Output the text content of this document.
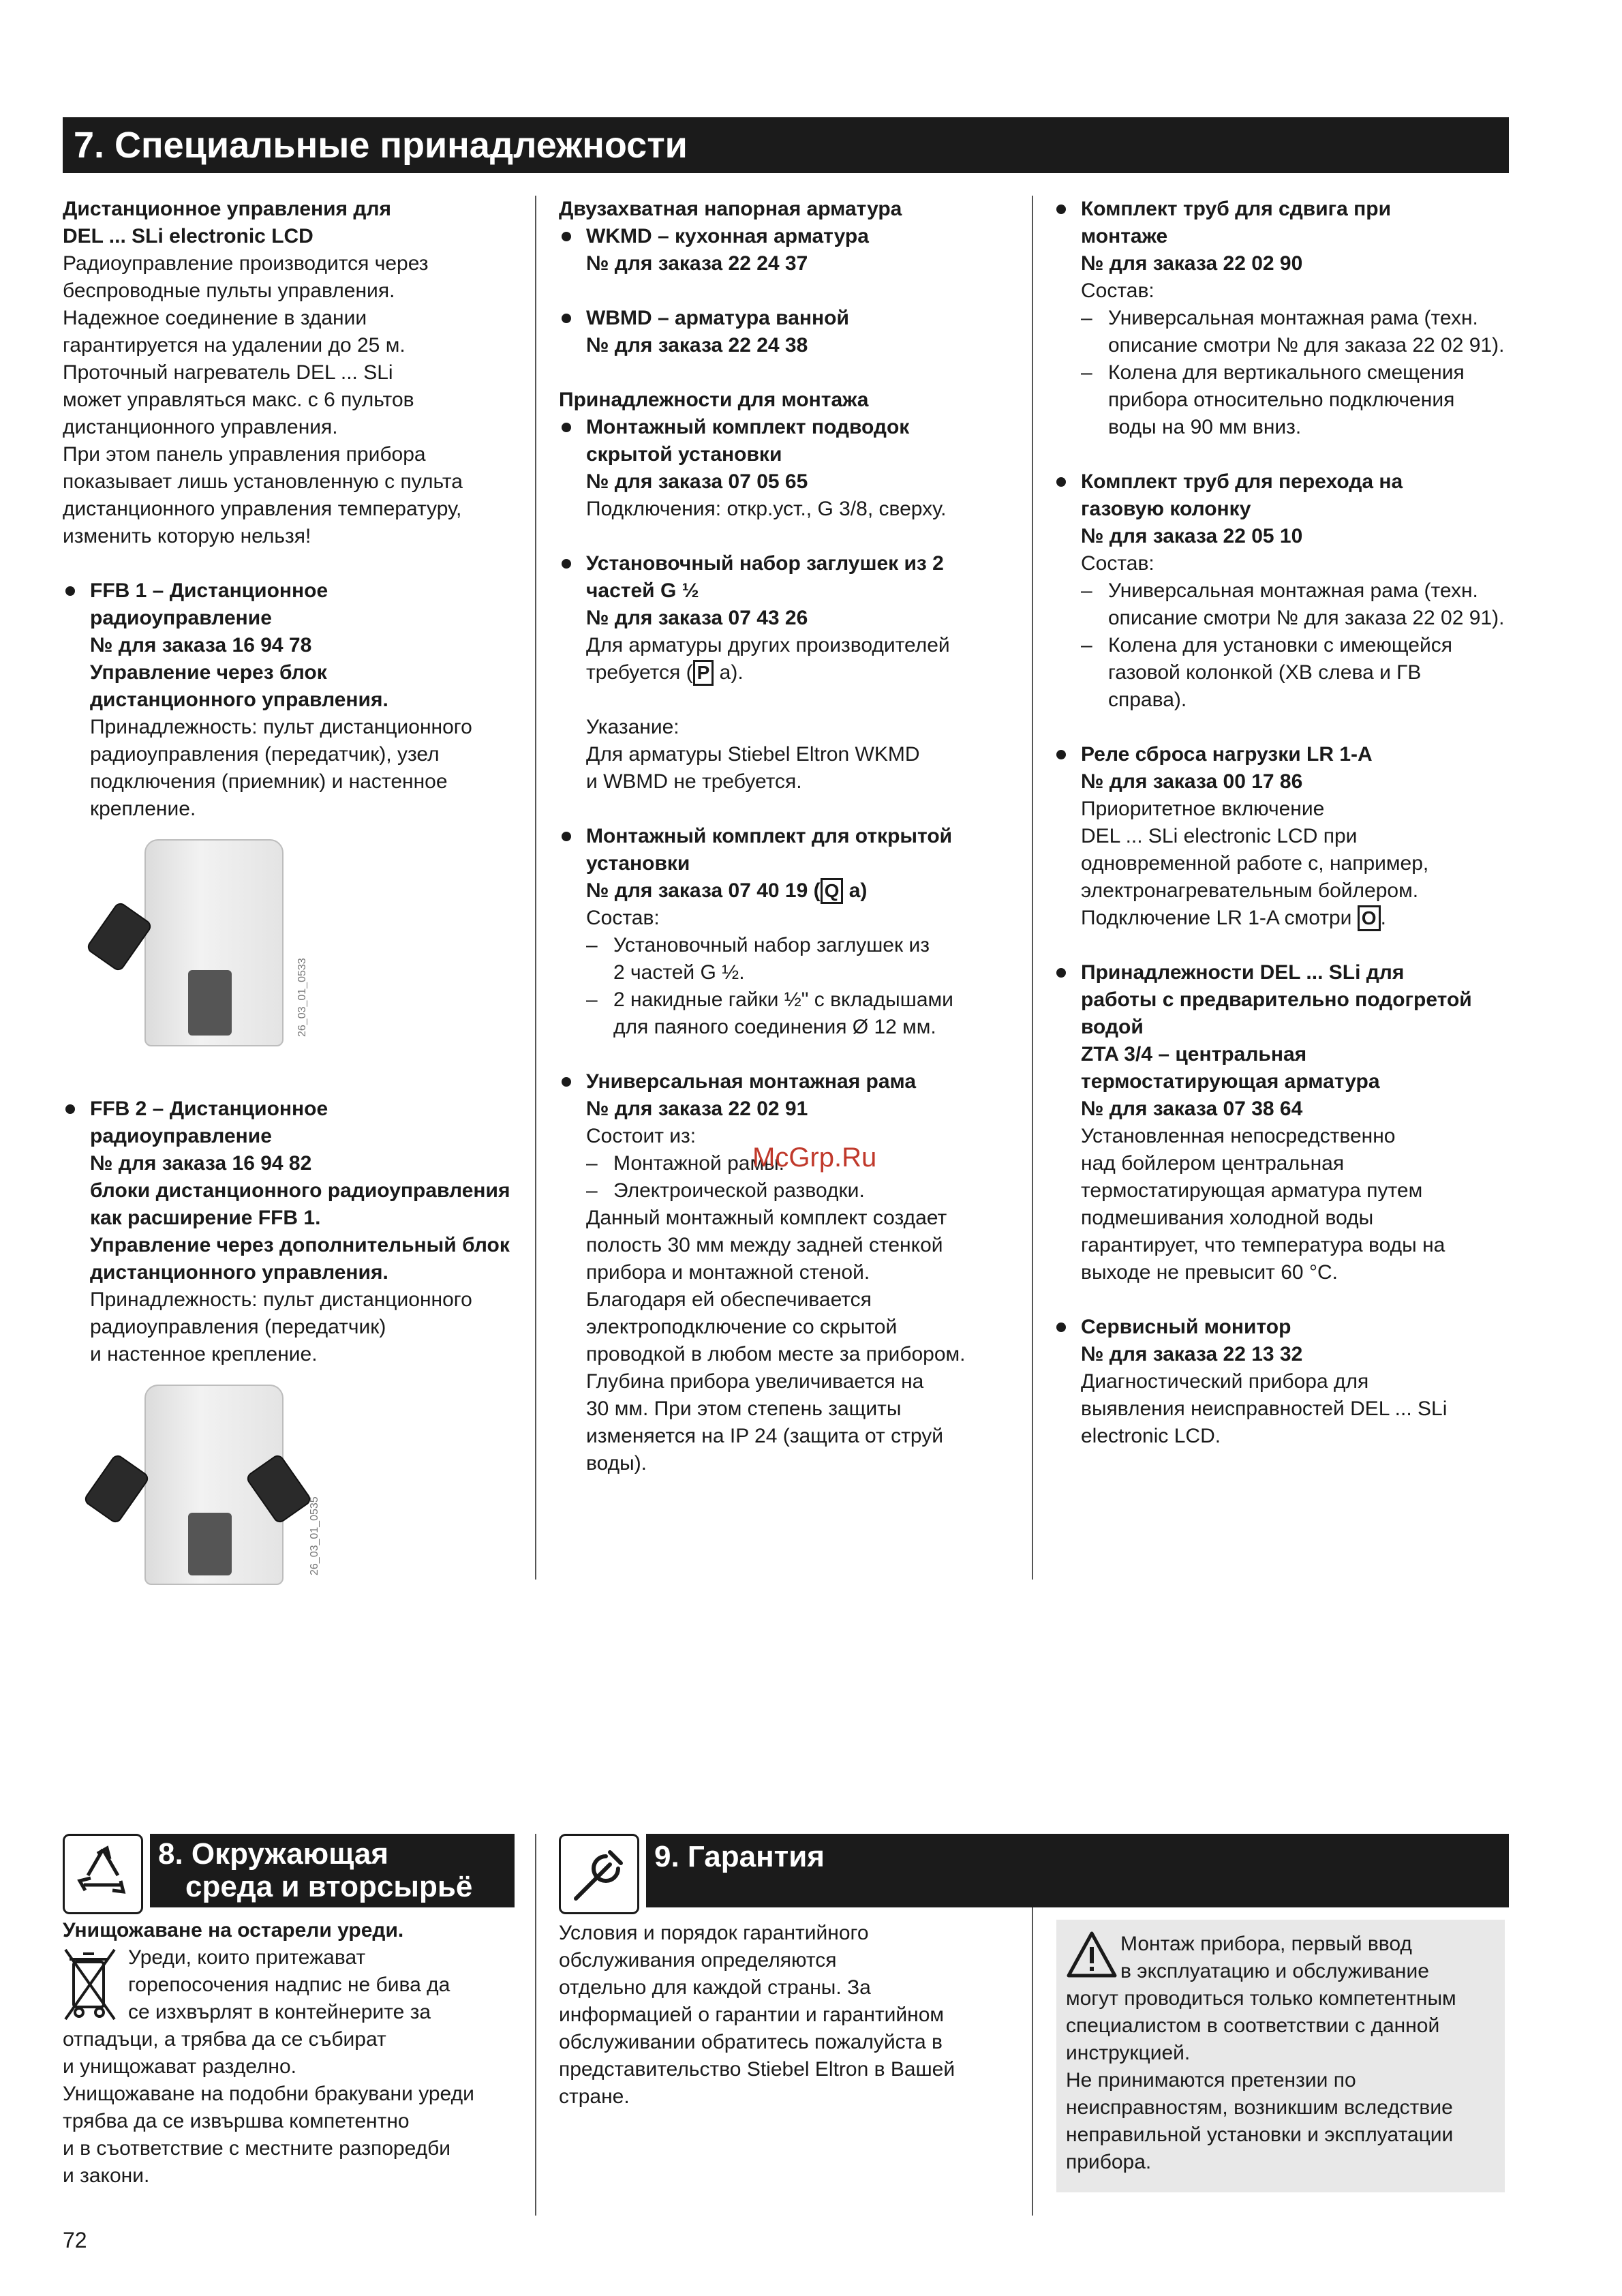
7. Специальные принадлежности
Дистанционное управления для
DEL ... SLi electronic LCD
Радиоуправление производится через
беспроводные пульты управления.
Надежное соединение в здании
гарантируется на удалении до 25 м.
Проточный нагреватель DEL ... SLi
может управляться макс. с 6 пультов
дистанционного управления.
При этом панель управления прибора
показывает лишь установленную с пульта
дистанционного управления температуру,
изменить которую нельзя!
FFB 1 – Дистанционное
радиоуправление
№ для заказа 16 94 78
Управление через блок
дистанционного управления.
Принадлежность: пульт дистанционного
радиоуправления (передатчик), узел
подключения (приемник) и настенное
крепление.
26_03_01_0533
FFB 2 – Дистанционное
радиоуправление
№ для заказа 16 94 82
блоки дистанционного радиоуправления
как расширение FFB 1.
Управление через дополнительный блок
дистанционного управления.
Принадлежность: пульт дистанционного
радиоуправления (передатчик)
и настенное крепление.
26_03_01_0535
Двузахватная напорная арматура
WKMD – кухонная арматура
№ для заказа 22 24 37
WBMD – арматура ванной
№ для заказа 22 24 38
Принадлежности для монтажа
Монтажный комплект подводок
скрытой установки
№ для заказа 07 05 65
Подключения: откр.уст., G 3/8, сверху.
Установочный набор заглушек из 2
частей G ½
№ для заказа 07 43 26
Для арматуры других производителей
требуется ( P a).
Указание:
Для арматуры Stiebel Eltron WKMD
и WBMD не требуется.
Монтажный комплект для открытой
установки
№ для заказа 07 40 19 ( Q a)
Состав:
– Установочный набор заглушек из
2 частей G ½.
– 2 накидные гайки ½" с вкладышами
для паяного соединения Ø 12 мм.
Универсальная монтажная рама
№ для заказа 22 02 91
Состоит из:
– Монтажной рамы.
– Электроической разводки.
Данный монтажный комплект создает
полость 30 мм между задней стенкой
прибора и монтажной стеной.
Благодаря ей обеспечивается
электроподключение со скрытой
проводкой в любом месте за прибором.
Глубина прибора увеличивается на
30 мм. При этом степень защиты
изменяется на IP 24 (защита от струй
воды).
Комплект труб для сдвига при
монтаже
№ для заказа 22 02 90
Состав:
– Универсальная монтажная рама (техн.
описание смотри № для заказа 22 02 91).
– Колена для вертикального смещения
прибора относительно подключения
воды на 90 мм вниз.
Комплект труб для перехода на
газовую колонку
№ для заказа 22 05 10
Состав:
– Универсальная монтажная рама (техн.
описание смотри № для заказа 22 02 91).
– Колена для установки с имеющейся
газовой колонкой (ХВ слева и ГВ
справа).
Реле сброса нагрузки LR 1-A
№ для заказа 00 17 86
Приоритетное включение
DEL ... SLi electronic LCD при
одновременной работе с, например,
электронагревательным бойлером.
Подключение LR 1-A смотри O .
Принадлежности DEL ... SLi для
работы с предварительно подогретой
водой
ZTA 3/4 – центральная
термостатирующая арматура
№ для заказа 07 38 64
Установленная непосредственно
над бойлером центральная
термостатирующая арматура путем
подмешивания холодной воды
гарантирует, что температура воды на
выходе не превысит 60 °C.
Сервисный монитор
№ для заказа 22 13 32
Диагностический прибора для
выявления неисправностей DEL ... SLi
electronic LCD.
McGrp.Ru
8. Окружающая
среда и вторсырьё
Унищожаване на остарели уреди.
Уреди, които притежават
горепосочения надпис не бива да
се изхвърлят в контейнерите за
отпадъци, а трябва да се събират
и унищожават разделно.
Унищожаване на подобни бракувани уреди
трябва да се извършва компетентно
и в съответствие с местните разпоредби
и закони.
9. Гарантия
Условия и порядок гарантийного
обслуживания определяются
отдельно для каждой страны. За
информацией о гарантии и гарантийном
обслуживании обратитесь пожалуйста в
представительство Stiebel Eltron в Вашей
стране.
Монтаж прибора, первый ввод
в эксплуатацию и обслуживание
могут проводиться только компетентным
специалистом в соответствии с данной
инструкцией.
Не принимаются претензии по
неисправностям, возникшим вследствие
неправильной установки и эксплуатации
прибора.
72
